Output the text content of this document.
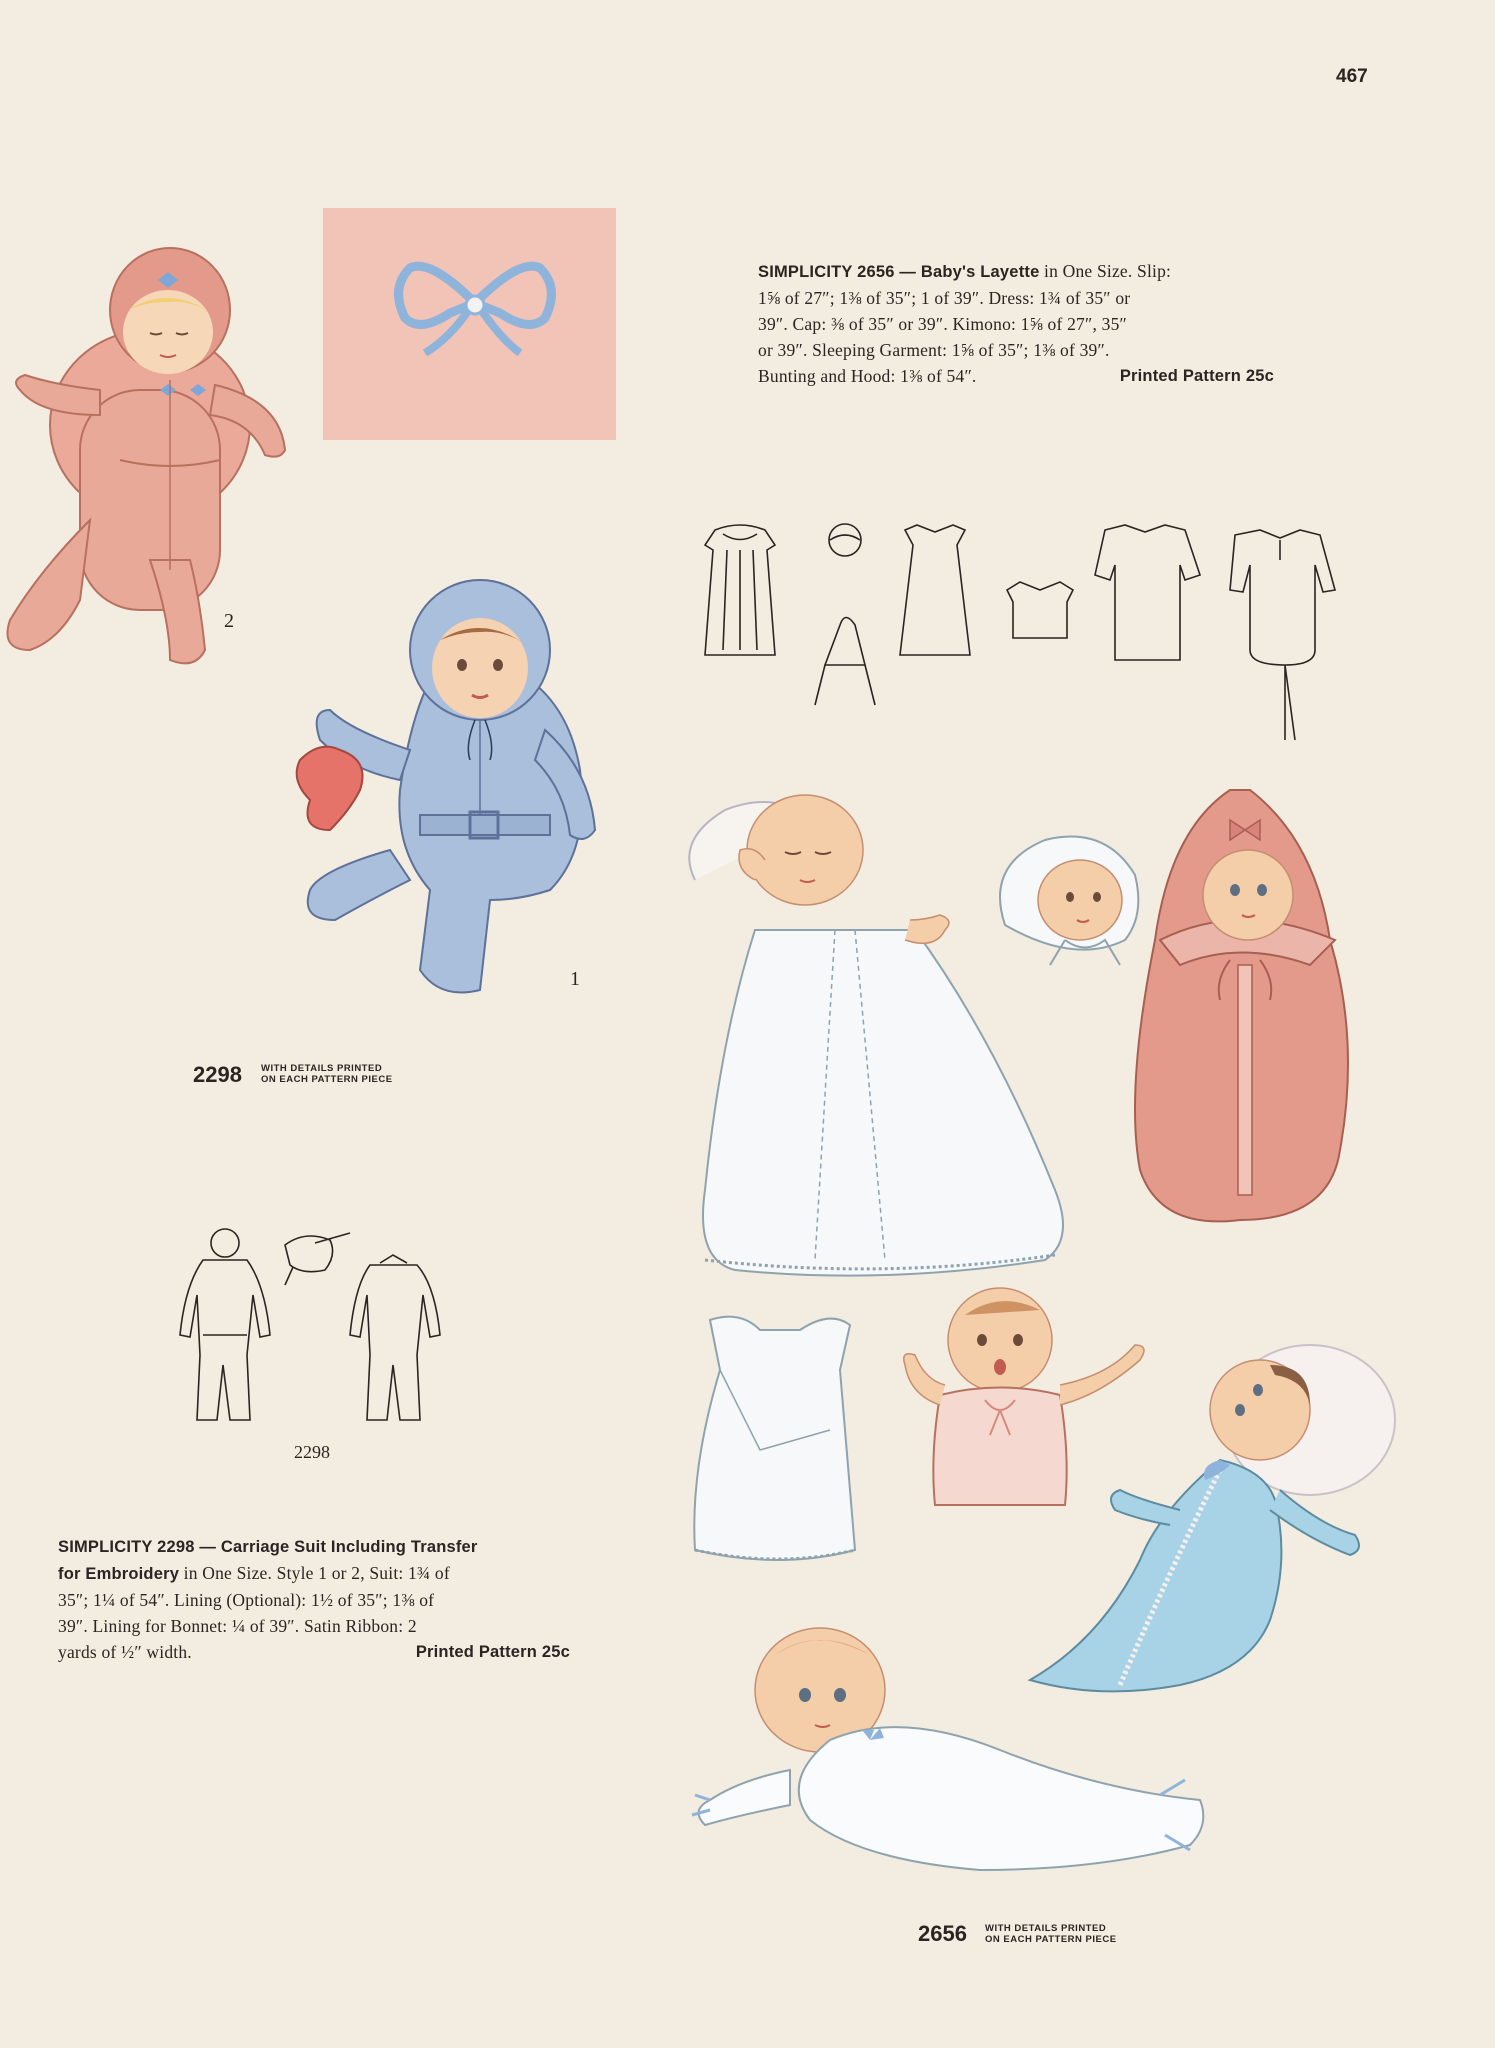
467
2
1
2298 WITH DETAILS PRINTED
ON EACH PATTERN PIECE
2298
SIMPLICITY 2298 — Carriage Suit Including Transfer
for Embroidery in One Size. Style 1 or 2, Suit: 1¾ of
35″; 1¼ of 54″. Lining (Optional): 1½ of 35″; 1⅜ of
39″. Lining for Bonnet: ¼ of 39″. Satin Ribbon: 2
yards of ½″ width.	Printed Pattern 25c
SIMPLICITY 2656 — Baby's Layette in One Size. Slip:
1⅝ of 27″; 1⅜ of 35″; 1 of 39″. Dress: 1¾ of 35″ or
39″. Cap: ⅜ of 35″ or 39″. Kimono: 1⅝ of 27″, 35″
or 39″. Sleeping Garment: 1⅝ of 35″; 1⅜ of 39″.
Bunting and Hood: 1⅜ of 54″.	Printed Pattern 25c
2656 WITH DETAILS PRINTED
ON EACH PATTERN PIECE
